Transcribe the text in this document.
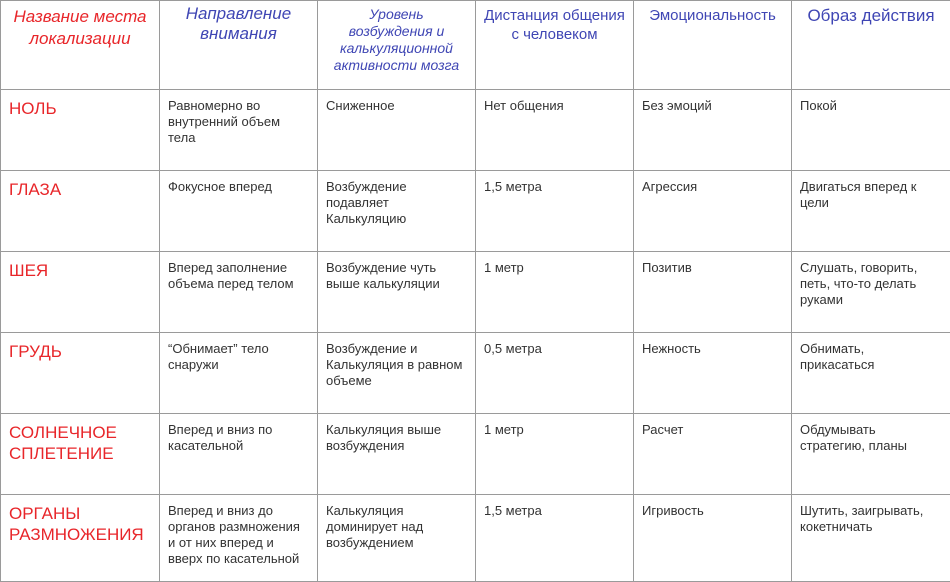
Название места локализации	Направление внимания	Уровень возбуждения и калькуляционной активности мозга	Дистанция общения с человеком	Эмоциональность	Образ действия
НОЛЬ	Равномерно во внутренний объем тела	Сниженное	Нет общения	Без эмоций	Покой
ГЛАЗА	Фокусное вперед	Возбуждение подавляет Калькуляцию	1,5 метра	Агрессия	Двигаться вперед к цели
ШЕЯ	Вперед заполнение объема перед телом	Возбуждение чуть выше калькуляции	1 метр	Позитив	Слушать, говорить, петь, что-то делать руками
ГРУДЬ	“Обнимает” тело снаружи	Возбуждение и Калькуляция в равном объеме	0,5 метра	Нежность	Обнимать, прикасаться
СОЛНЕЧНОЕ СПЛЕТЕНИЕ	Вперед и вниз по касательной	Калькуляция выше возбуждения	1 метр	Расчет	Обдумывать стратегию, планы
ОРГАНЫ РАЗМНОЖЕНИЯ	Вперед и вниз до органов размножения и от них вперед и вверх по касательной	Калькуляция доминирует над возбуждением	1,5 метра	Игривость	Шутить, заигрывать, кокетничать
